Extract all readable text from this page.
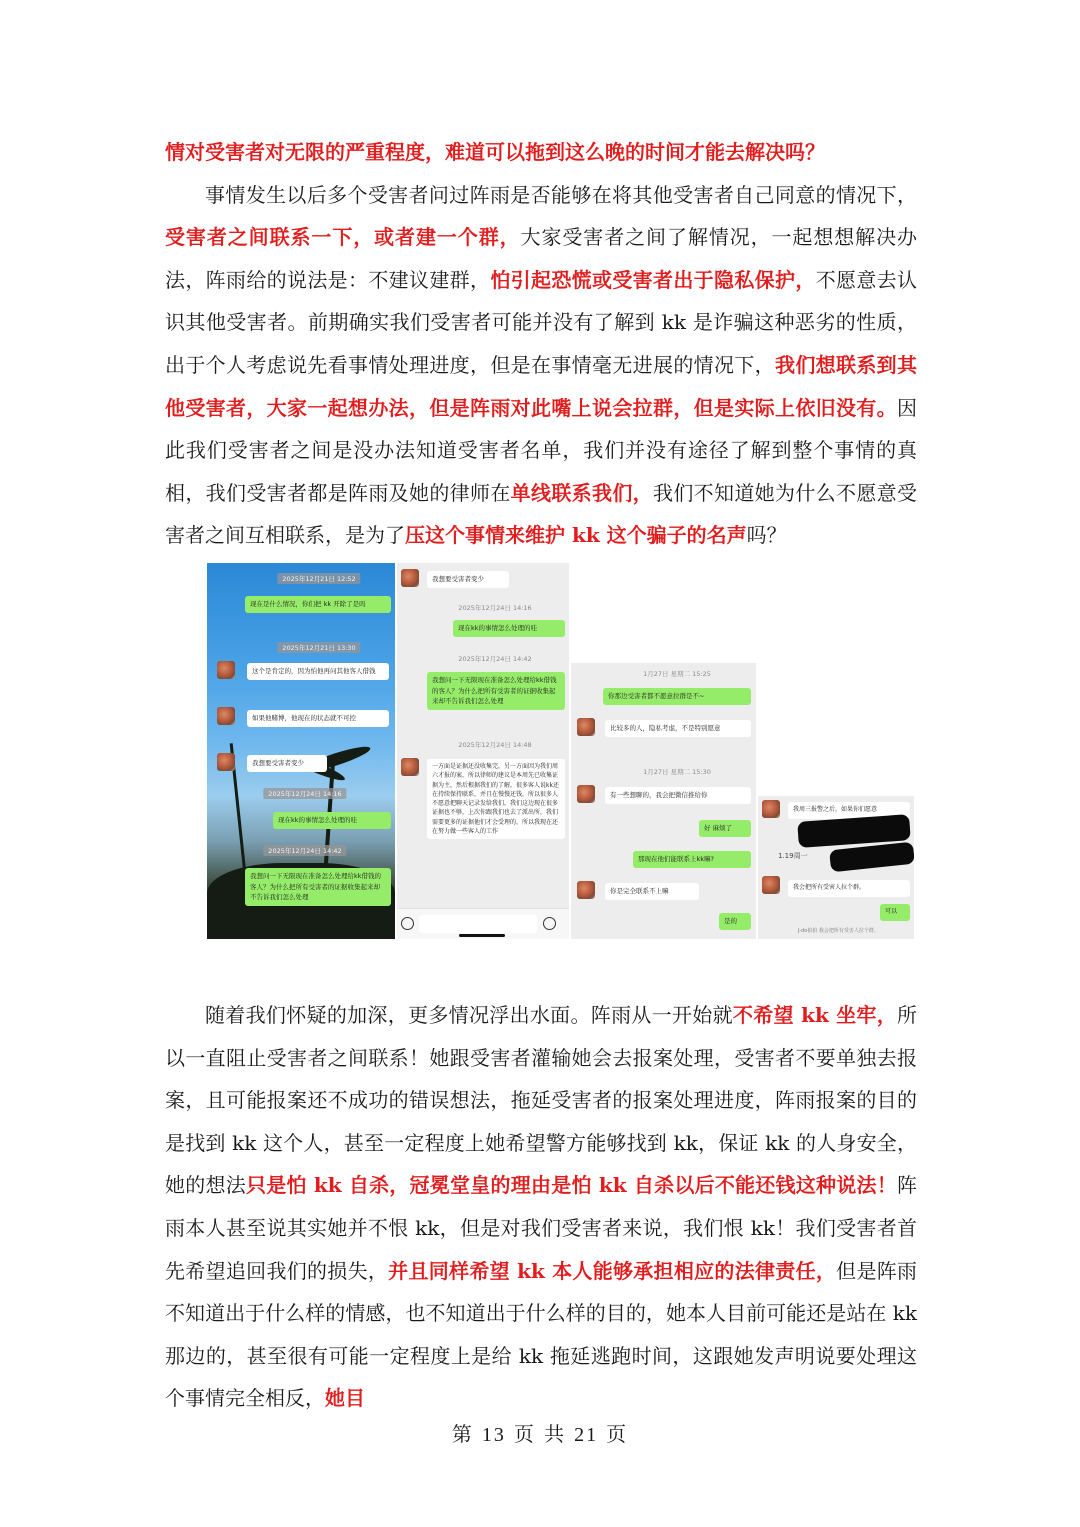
情对受害者对无限的严重程度，难道可以拖到这么晚的时间才能去解决吗？

事情发生以后多个受害者问过阵雨是否能够在将其他受害者自己同意的情况下，受害者之间联系一下，或者建一个群，大家受害者之间了解情况，一起想想解决办法，阵雨给的说法是：不建议建群，怕引起恐慌或受害者出于隐私保护，不愿意去认识其他受害者。前期确实我们受害者可能并没有了解到 kk 是诈骗这种恶劣的性质，出于个人考虑说先看事情处理进度，但是在事情毫无进展的情况下，我们想联系到其他受害者，大家一起想办法，但是阵雨对此嘴上说会拉群，但是实际上依旧没有。因此我们受害者之间是没办法知道受害者名单，我们并没有途径了解到整个事情的真相，我们受害者都是阵雨及她的律师在单线联系我们，我们不知道她为什么不愿意受害者之间互相联系，是为了压这个事情来维护 kk 这个骗子的名声吗？

2025年12月21日 12:52
现在是什么情况，你们把 kk 开除了是吗
2025年12月21日 13:30
这个是肯定的，因为怕他再问其他客人借钱
如果他赌博，他现在的状态就不可控
我想要受害者变少
2025年12月24日 14:16
现在kk的事情怎么处理的哇
2025年12月24日 14:42
我想问一下无限现在准备怎么处理给kk借钱的客人？为什么把所有受害者的证据收集起来却不告诉我们怎么处理
我想要受害者变少
2025年12月24日 14:16
现在kk的事情怎么处理的哇
2025年12月24日 14:42
我想问一下无限现在准备怎么处理给kk借钱的客人？为什么把所有受害者的证据收集起来却不告诉我们怎么处理
2025年12月24日 14:48
一方面是证据还没收集完，另一方面因为我们周六才报的案，所以律师的建议是本周先已收集证据为主，然后根据我们的了解，很多客人说kk还在持续保持联系，并且在慢慢还钱，所以很多人不愿意把聊天记录发给我们，我们这边现在很多证据也不够，上次你跟我们也去了派出所，我们需要更多的证据他们才会受理的，所以我现在还在努力做一些客人的工作
1月27日 星期二 15:25
你那边受害者都不愿意拉群是不~
比较多的人，隐私考虑，不是特别愿意
1月27日 星期二 15:30
有一些想聊的，我会把微信推给你
好 麻烦了
那现在他们能联系上kk嘛?
你是完全联系不上嘛
是的
我周三报警之后，如果你们愿意
1.19周一
我会把所有受害人拉个群。
可以
J-do拍拍 我会把所有受害人拉个群。

随着我们怀疑的加深，更多情况浮出水面。阵雨从一开始就不希望 kk 坐牢，所以一直阻止受害者之间联系！她跟受害者灌输她会去报案处理，受害者不要单独去报案，且可能报案还不成功的错误想法，拖延受害者的报案处理进度，阵雨报案的目的是找到 kk 这个人，甚至一定程度上她希望警方能够找到 kk，保证 kk 的人身安全，她的想法只是怕 kk 自杀，冠冕堂皇的理由是怕 kk 自杀以后不能还钱这种说法！阵雨本人甚至说其实她并不恨 kk，但是对我们受害者来说，我们恨 kk！我们受害者首先希望追回我们的损失，并且同样希望 kk 本人能够承担相应的法律责任，但是阵雨不知道出于什么样的情感，也不知道出于什么样的目的，她本人目前可能还是站在 kk 那边的，甚至很有可能一定程度上是给 kk 拖延逃跑时间，这跟她发声明说要处理这个事情完全相反，她目

第 13 页 共 21 页
